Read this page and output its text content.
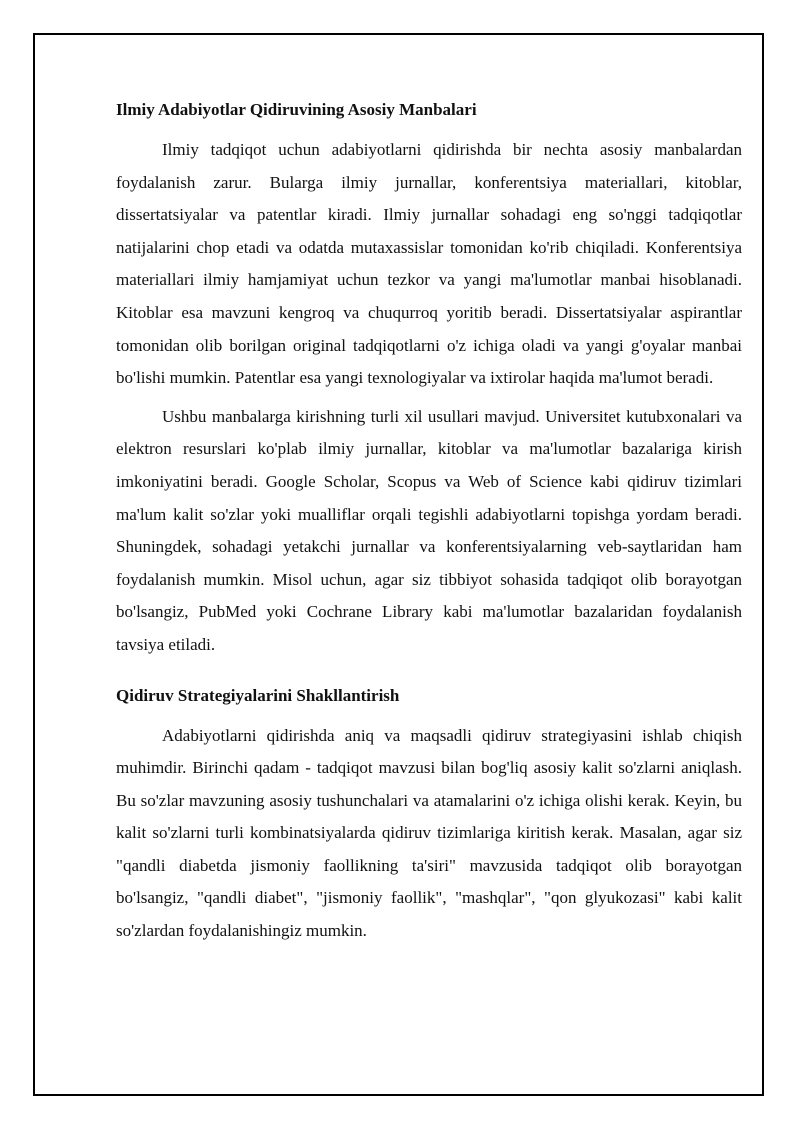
Ilmiy Adabiyotlar Qidiruvining Asosiy Manbalari

Ilmiy tadqiqot uchun adabiyotlarni qidirishda bir nechta asosiy manbalardan foydalanish zarur. Bularga ilmiy jurnallar, konferentsiya materiallari, kitoblar, dissertatsiyalar va patentlar kiradi. Ilmiy jurnallar sohadagi eng so'nggi tadqiqotlar natijalarini chop etadi va odatda mutaxassislar tomonidan ko'rib chiqiladi. Konferentsiya materiallari ilmiy hamjamiyat uchun tezkor va yangi ma'lumotlar manbai hisoblanadi. Kitoblar esa mavzuni kengroq va chuqurroq yoritib beradi. Dissertatsiyalar aspirantlar tomonidan olib borilgan original tadqiqotlarni o'z ichiga oladi va yangi g'oyalar manbai bo'lishi mumkin. Patentlar esa yangi texnologiyalar va ixtirolar haqida ma'lumot beradi.

Ushbu manbalarga kirishning turli xil usullari mavjud. Universitet kutubxonalari va elektron resurslari ko'plab ilmiy jurnallar, kitoblar va ma'lumotlar bazalariga kirish imkoniyatini beradi. Google Scholar, Scopus va Web of Science kabi qidiruv tizimlari ma'lum kalit so'zlar yoki mualliflar orqali tegishli adabiyotlarni topishga yordam beradi. Shuningdek, sohadagi yetakchi jurnallar va konferentsiyalarning veb-saytlaridan ham foydalanish mumkin. Misol uchun, agar siz tibbiyot sohasida tadqiqot olib borayotgan bo'lsangiz, PubMed yoki Cochrane Library kabi ma'lumotlar bazalaridan foydalanish tavsiya etiladi.

Qidiruv Strategiyalarini Shakllantirish

Adabiyotlarni qidirishda aniq va maqsadli qidiruv strategiyasini ishlab chiqish muhimdir. Birinchi qadam - tadqiqot mavzusi bilan bog'liq asosiy kalit so'zlarni aniqlash. Bu so'zlar mavzuning asosiy tushunchalari va atamalarini o'z ichiga olishi kerak. Keyin, bu kalit so'zlarni turli kombinatsiyalarda qidiruv tizimlariga kiritish kerak. Masalan, agar siz "qandli diabetda jismoniy faollikning ta'siri" mavzusida tadqiqot olib borayotgan bo'lsangiz, "qandli diabet", "jismoniy faollik", "mashqlar", "qon glyukozasi" kabi kalit so'zlardan foydalanishingiz mumkin.
